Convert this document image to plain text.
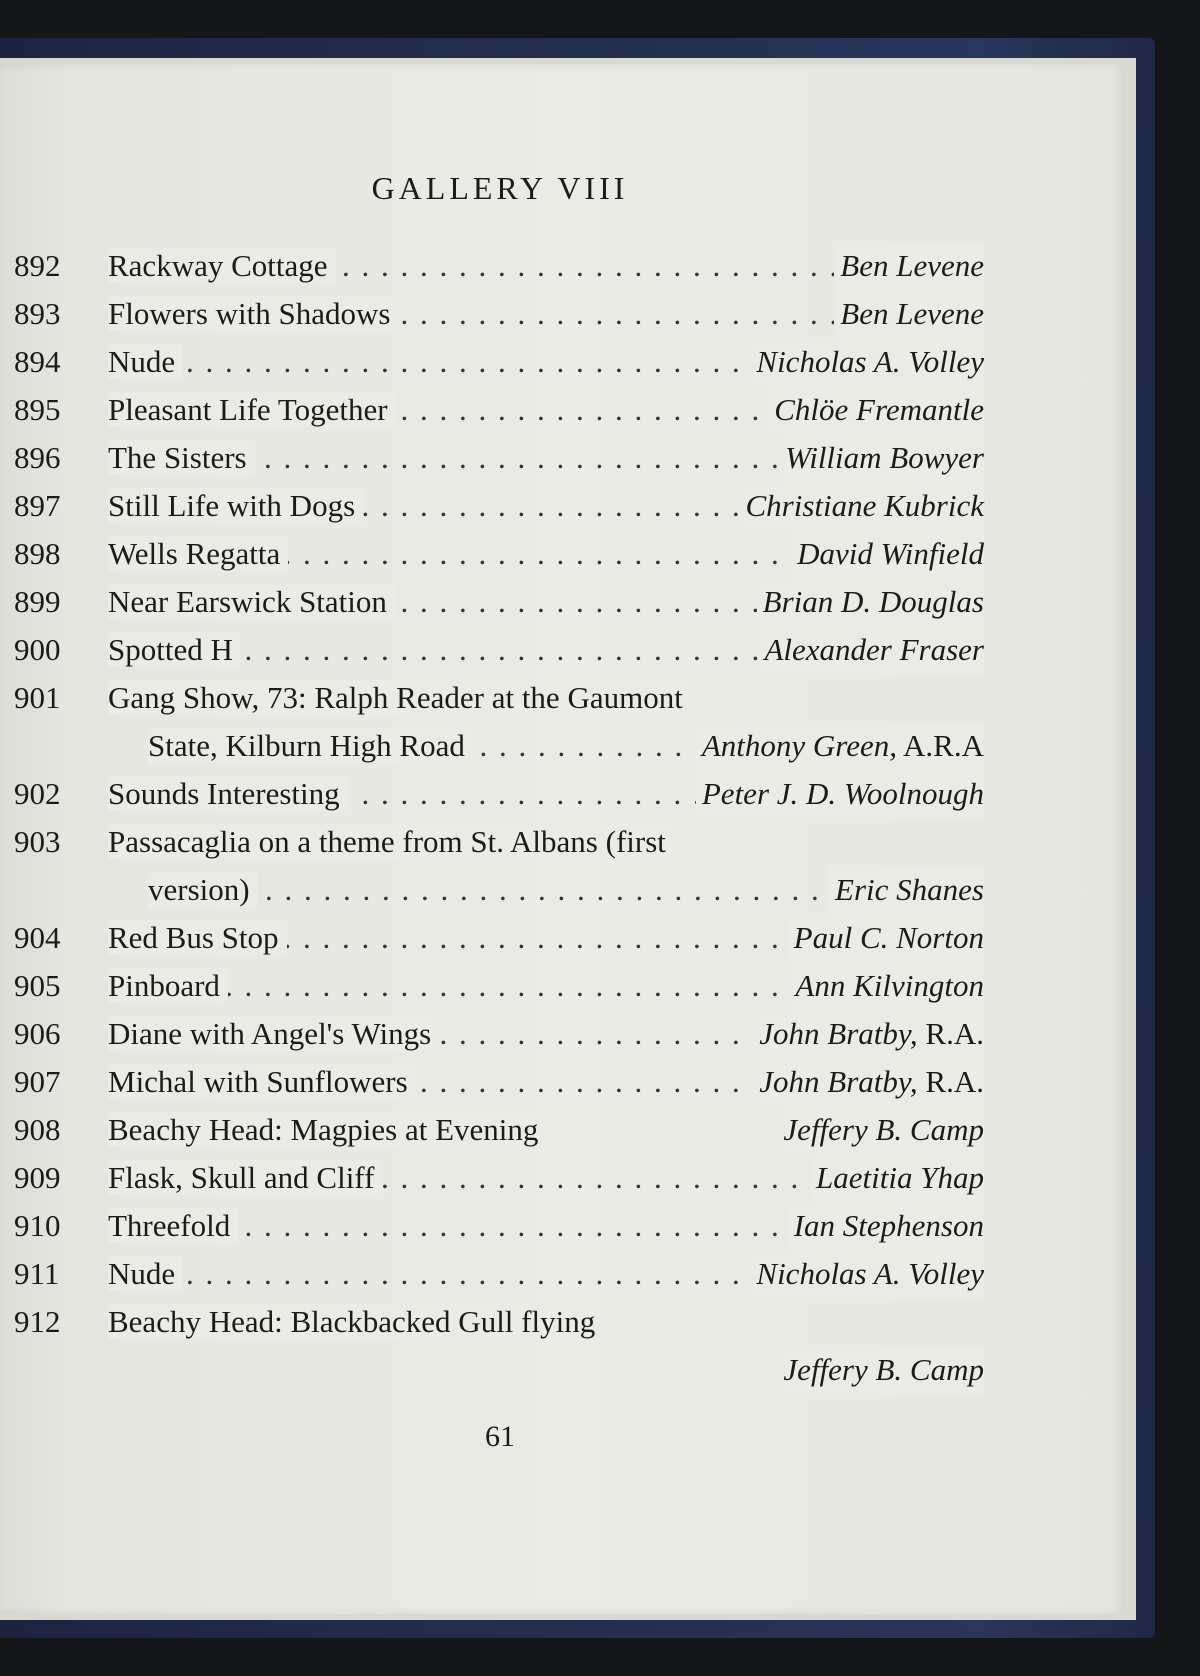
GALLERY VIII
892 . . .	Rackway Cottage	Ben Levene
893 . . .	Flowers with Shadows	Ben Levene
894 . . .	Nude	Nicholas A. Volley
895 . . .	Pleasant Life Together	Chlöe Fremantle
896 . . .	The Sisters	William Bowyer
897 . . .	Still Life with Dogs	Christiane Kubrick
898 . . .	Wells Regatta	David Winfield
899 . . .	Near Earswick Station	Brian D. Douglas
900 . . .	Spotted H	Alexander Fraser
901	Gang Show, 73: Ralph Reader at the Gaumont
. . .
State, Kilburn High Road	Anthony Green, A.R.A
902 . . .	Sounds Interesting	Peter J. D. Woolnough
903	Passacaglia on a theme from St. Albans (first
. . .
version)	Eric Shanes
904 . . .	Red Bus Stop	Paul C. Norton
905 . . .	Pinboard	Ann Kilvington
906 . . .	Diane with Angel's Wings	John Bratby, R.A.
907 . . .	Michal with Sunflowers	John Bratby, R.A.
908	Beachy Head: Magpies at Evening	Jeffery B. Camp
909 . . .	Flask, Skull and Cliff	Laetitia Yhap
910 . . .	Threefold	Ian Stephenson
911 . . .	Nude	Nicholas A. Volley
912	Beachy Head: Blackbacked Gull flying
Jeffery B. Camp
61
